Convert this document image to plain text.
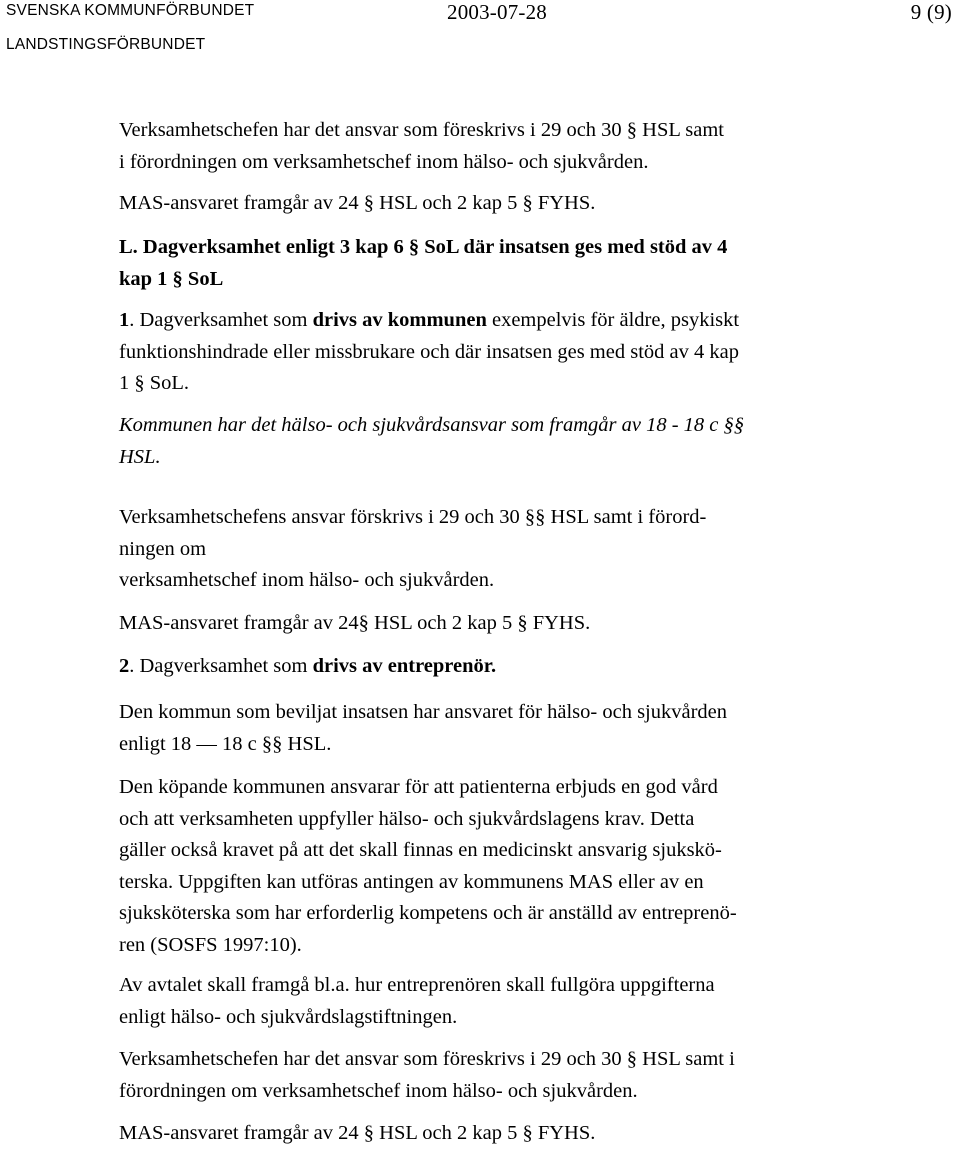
SVENSKA KOMMUNFÖRBUNDET
LANDSTINGSFÖRBUNDET
2003-07-28	9 (9)

Verksamhetschefen har det ansvar som föreskrivs i 29 och 30 § HSL samt
i förordningen om verksamhetschef inom hälso- och sjukvården.

MAS-ansvaret framgår av 24 § HSL och 2 kap 5 § FYHS.

L. Dagverksamhet enligt 3 kap 6 § SoL där insatsen ges med stöd av 4
kap 1 § SoL

1. Dagverksamhet som drivs av kommunen exempelvis för äldre, psykiskt
funktionshindrade eller missbrukare och där insatsen ges med stöd av 4 kap
1 § SoL.

Kommunen har det hälso- och sjukvårdsansvar som framgår av 18 - 18 c §§
HSL.

Verksamhetschefens ansvar förskrivs i 29 och 30 §§ HSL samt i förord-
ningen om
verksamhetschef inom hälso- och sjukvården.

MAS-ansvaret framgår av 24§ HSL och 2 kap 5 § FYHS.

2. Dagverksamhet som drivs av entreprenör.

Den kommun som beviljat insatsen har ansvaret för hälso- och sjukvården
enligt 18 — 18 c §§ HSL.

Den köpande kommunen ansvarar för att patienterna erbjuds en god vård
och att verksamheten uppfyller hälso- och sjukvårdslagens krav. Detta
gäller också kravet på att det skall finnas en medicinskt ansvarig sjukskö-
terska. Uppgiften kan utföras antingen av kommunens MAS eller av en
sjuksköterska som har erforderlig kompetens och är anställd av entreprenö-
ren (SOSFS 1997:10).

Av avtalet skall framgå bl.a. hur entreprenören skall fullgöra uppgifterna
enligt hälso- och sjukvårdslagstiftningen.

Verksamhetschefen har det ansvar som föreskrivs i 29 och 30 § HSL samt i
förordningen om verksamhetschef inom hälso- och sjukvården.

MAS-ansvaret framgår av 24 § HSL och 2 kap 5 § FYHS.
